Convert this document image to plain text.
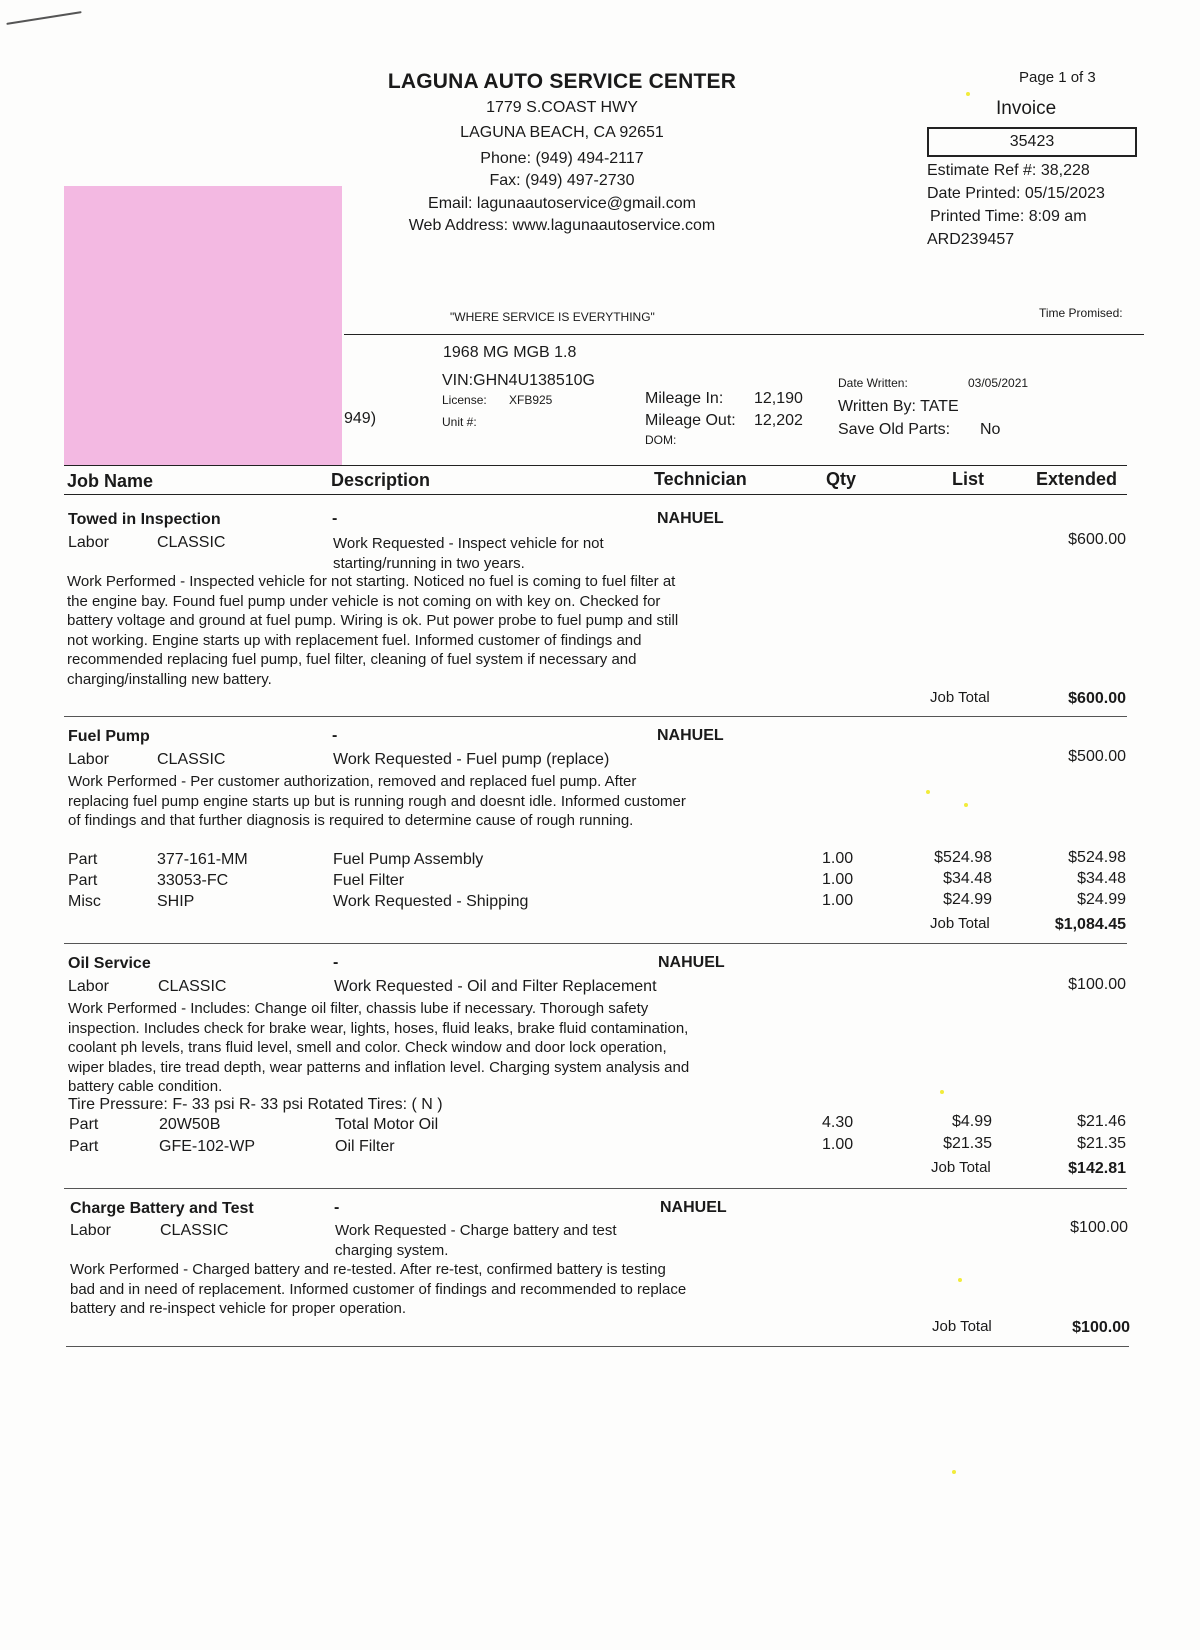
LAGUNA AUTO SERVICE CENTER
1779 S.COAST HWY
LAGUNA BEACH, CA 92651
Phone: (949) 494-2117
Fax: (949) 497-2730
Email: lagunaautoservice@gmail.com
Web Address: www.lagunaautoservice.com
"WHERE SERVICE IS EVERYTHING"
Page 1 of 3
Invoice
35423
Estimate Ref #: 38,228
Date Printed: 05/15/2023
Printed Time: 8:09 am
ARD239457
Time Promised:
949)
1968 MG MGB 1.8
VIN:GHN4U138510G
License: XFB925
Unit #:
Mileage In: 12,190
Mileage Out: 12,202
DOM:
Date Written:	03/05/2021
Written By: TATE
Save Old Parts: No
Job Name	Description	Technician	Qty	List	Extended
Towed in Inspection	-	NAHUEL
Labor	CLASSIC	Work Requested - Inspect vehicle for not starting/running in two years.
$600.00
Work Performed - Inspected vehicle for not starting. Noticed no fuel is coming to fuel filter at the engine bay. Found fuel pump under vehicle is not coming on with key on. Checked for battery voltage and ground at fuel pump. Wiring is ok. Put power probe to fuel pump and still not working. Engine starts up with replacement fuel. Informed customer of findings and recommended replacing fuel pump, fuel filter, cleaning of fuel system if necessary and charging/installing new battery.
Job Total	$600.00
Fuel Pump	-	NAHUEL
Labor	CLASSIC	Work Requested - Fuel pump (replace)	$500.00
Work Performed - Per customer authorization, removed and replaced fuel pump. After replacing fuel pump engine starts up but is running rough and doesnt idle. Informed customer of findings and that further diagnosis is required to determine cause of rough running.
Part	377-161-MM	Fuel Pump Assembly	1.00	$524.98	$524.98
Part	33053-FC	Fuel Filter	1.00	$34.48	$34.48
Misc	SHIP	Work Requested - Shipping	1.00	$24.99	$24.99
Job Total	$1,084.45
Oil Service	-	NAHUEL
Labor	CLASSIC	Work Requested - Oil and Filter Replacement	$100.00
Work Performed - Includes: Change oil filter, chassis lube if necessary. Thorough safety inspection. Includes check for brake wear, lights, hoses, fluid leaks, brake fluid contamination, coolant ph levels, trans fluid level, smell and color. Check window and door lock operation, wiper blades, tire tread depth, wear patterns and inflation level. Charging system analysis and battery cable condition.
Tire Pressure: F- 33 psi R- 33 psi Rotated Tires: ( N )
Part	20W50B	Total Motor Oil	4.30	$4.99	$21.46
Part	GFE-102-WP	Oil Filter	1.00	$21.35	$21.35
Job Total	$142.81
Charge Battery and Test	-	NAHUEL
Labor	CLASSIC	Work Requested - Charge battery and test charging system.
$100.00
Work Performed - Charged battery and re-tested. After re-test, confirmed battery is testing bad and in need of replacement. Informed customer of findings and recommended to replace battery and re-inspect vehicle for proper operation.
Job Total	$100.00
